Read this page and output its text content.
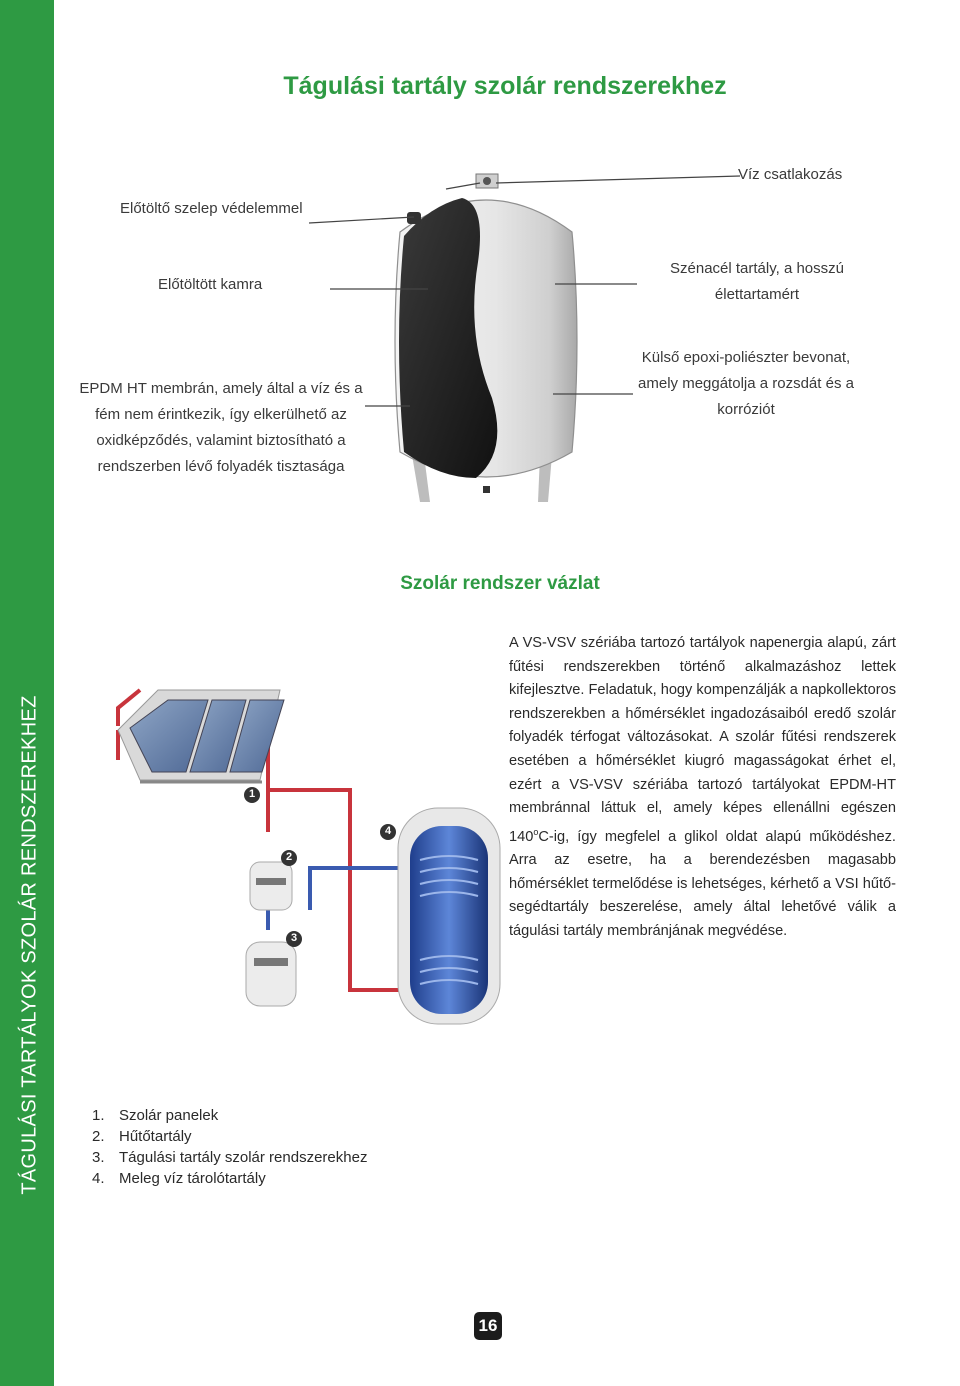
TÁGULÁSI TARTÁLYOK SZOLÁR RENDSZEREKHEZ
Tágulási tartály szolár rendszerekhez
Víz csatlakozás
Előtöltő szelep védelemmel
Előtöltött kamra
Szénacél tartály, a hosszú
élettartamért
Külső epoxi-poliészter bevonat,
amely meggátolja a rozsdát és a
korróziót
EPDM HT membrán, amely által a víz és a
fém nem érintkezik, így elkerülhető az
oxidképződés, valamint biztosítható a
rendszerben lévő folyadék tisztasága
Szolár rendszer vázlat
1
2
3
4
A VS-VSV szériába tartozó tartályok napenergia alapú, zárt fűtési rendszerekben történő alkalmazáshoz lettek kifejlesztve. Feladatuk, hogy kompenzálják a napkollektoros rendszerekben a hőmérséklet ingadozásaiból eredő szolár folyadék térfogat változásokat. A szolár fűtési rendszerek esetében a hőmérséklet kiugró magasságokat érhet el, ezért a VS-VSV szériába tartozó tartályokat EPDM-HT membránnal láttuk el, amely képes ellenállni egészen 140$^o$C-ig, így megfelel a glikol oldat alapú működéshez. Arra az esetre, ha a berendezésben magasabb hőmérséklet termelődése is lehetséges, kérhető a VSI hűtő-segédtartály beszerelése, amely által lehetővé válik a tágulási tartály membránjának megvédése.
1. Szolár panelek
2. Hűtőtartály
3. Tágulási tartály szolár rendszerekhez
4. Meleg víz tárolótartály
16
